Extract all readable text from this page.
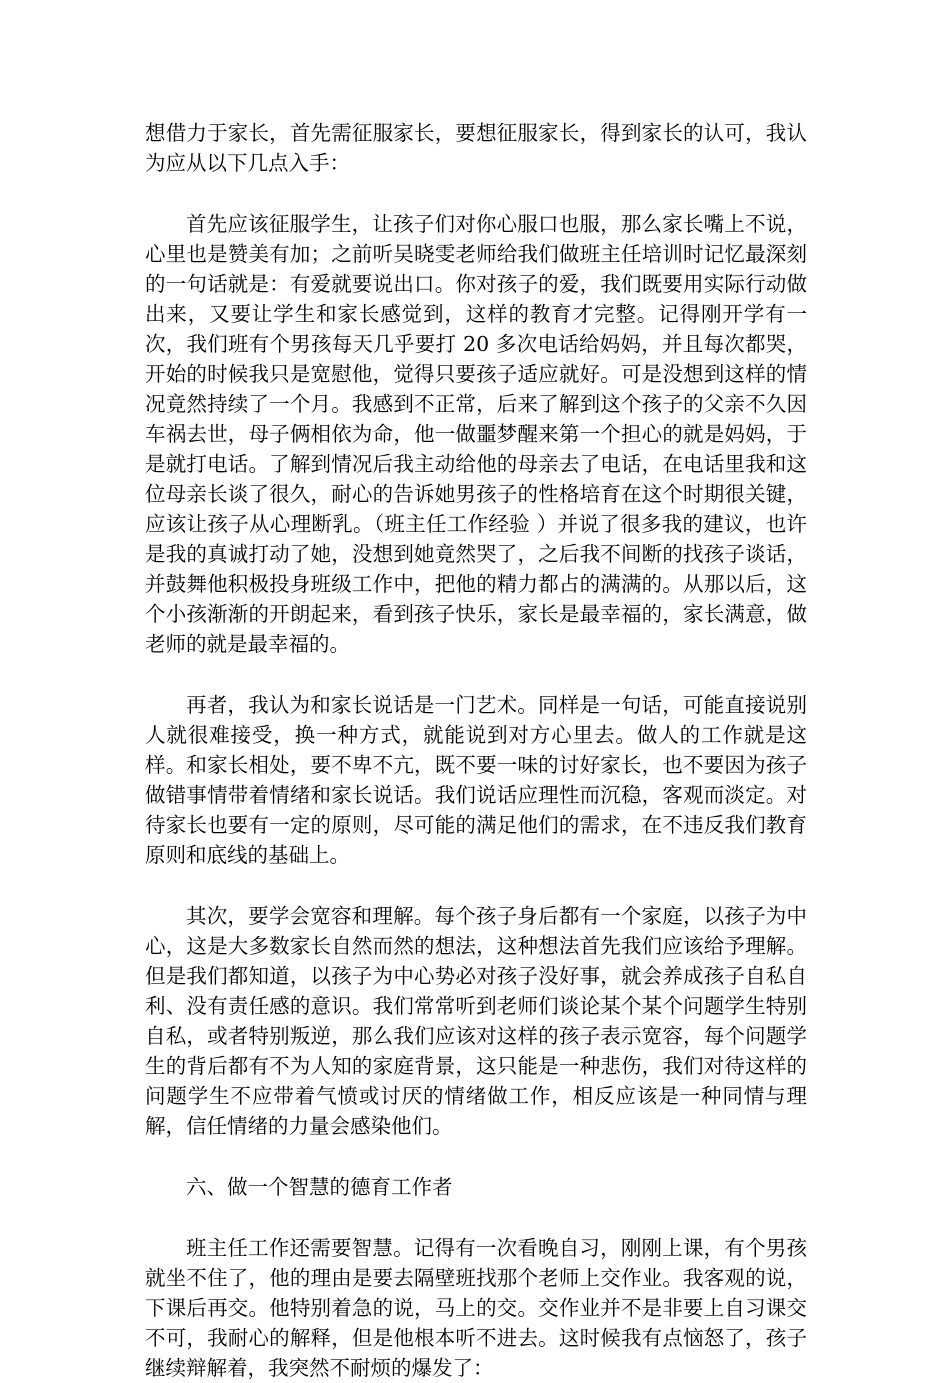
想借力于家长，首先需征服家长，要想征服家长，得到家长的认可，我认为应从以下几点入手：

首先应该征服学生，让孩子们对你心服口也服，那么家长嘴上不说，心里也是赞美有加；之前听吴晓雯老师给我们做班主任培训时记忆最深刻的一句话就是：有爱就要说出口。你对孩子的爱，我们既要用实际行动做出来，又要让学生和家长感觉到，这样的教育才完整。记得刚开学有一次，我们班有个男孩每天几乎要打 20 多次电话给妈妈，并且每次都哭，开始的时候我只是宽慰他，觉得只要孩子适应就好。可是没想到这样的情况竟然持续了一个月。我感到不正常，后来了解到这个孩子的父亲不久因车祸去世，母子俩相依为命，他一做噩梦醒来第一个担心的就是妈妈，于是就打电话。了解到情况后我主动给他的母亲去了电话，在电话里我和这位母亲长谈了很久，耐心的告诉她男孩子的性格培育在这个时期很关键，应该让孩子从心理断乳。（班主任工作经验 ）并说了很多我的建议，也许是我的真诚打动了她，没想到她竟然哭了，之后我不间断的找孩子谈话，并鼓舞他积极投身班级工作中，把他的精力都占的满满的。从那以后，这个小孩渐渐的开朗起来，看到孩子快乐，家长是最幸福的，家长满意，做老师的就是最幸福的。

再者，我认为和家长说话是一门艺术。同样是一句话，可能直接说别人就很难接受，换一种方式，就能说到对方心里去。做人的工作就是这样。和家长相处，要不卑不亢，既不要一味的讨好家长，也不要因为孩子做错事情带着情绪和家长说话。我们说话应理性而沉稳，客观而淡定。对待家长也要有一定的原则，尽可能的满足他们的需求，在不违反我们教育原则和底线的基础上。

其次，要学会宽容和理解。每个孩子身后都有一个家庭，以孩子为中心，这是大多数家长自然而然的想法，这种想法首先我们应该给予理解。但是我们都知道，以孩子为中心势必对孩子没好事，就会养成孩子自私自利、没有责任感的意识。我们常常听到老师们谈论某个某个问题学生特别自私，或者特别叛逆，那么我们应该对这样的孩子表示宽容，每个问题学生的背后都有不为人知的家庭背景，这只能是一种悲伤，我们对待这样的问题学生不应带着气愤或讨厌的情绪做工作，相反应该是一种同情与理解，信任情绪的力量会感染他们。

六、做一个智慧的德育工作者

班主任工作还需要智慧。记得有一次看晚自习，刚刚上课，有个男孩就坐不住了，他的理由是要去隔壁班找那个老师上交作业。我客观的说，下课后再交。他特别着急的说，马上的交。交作业并不是非要上自习课交不可，我耐心的解释，但是他根本听不进去。这时候我有点恼怒了，孩子继续辩解着，我突然不耐烦的爆发了：
